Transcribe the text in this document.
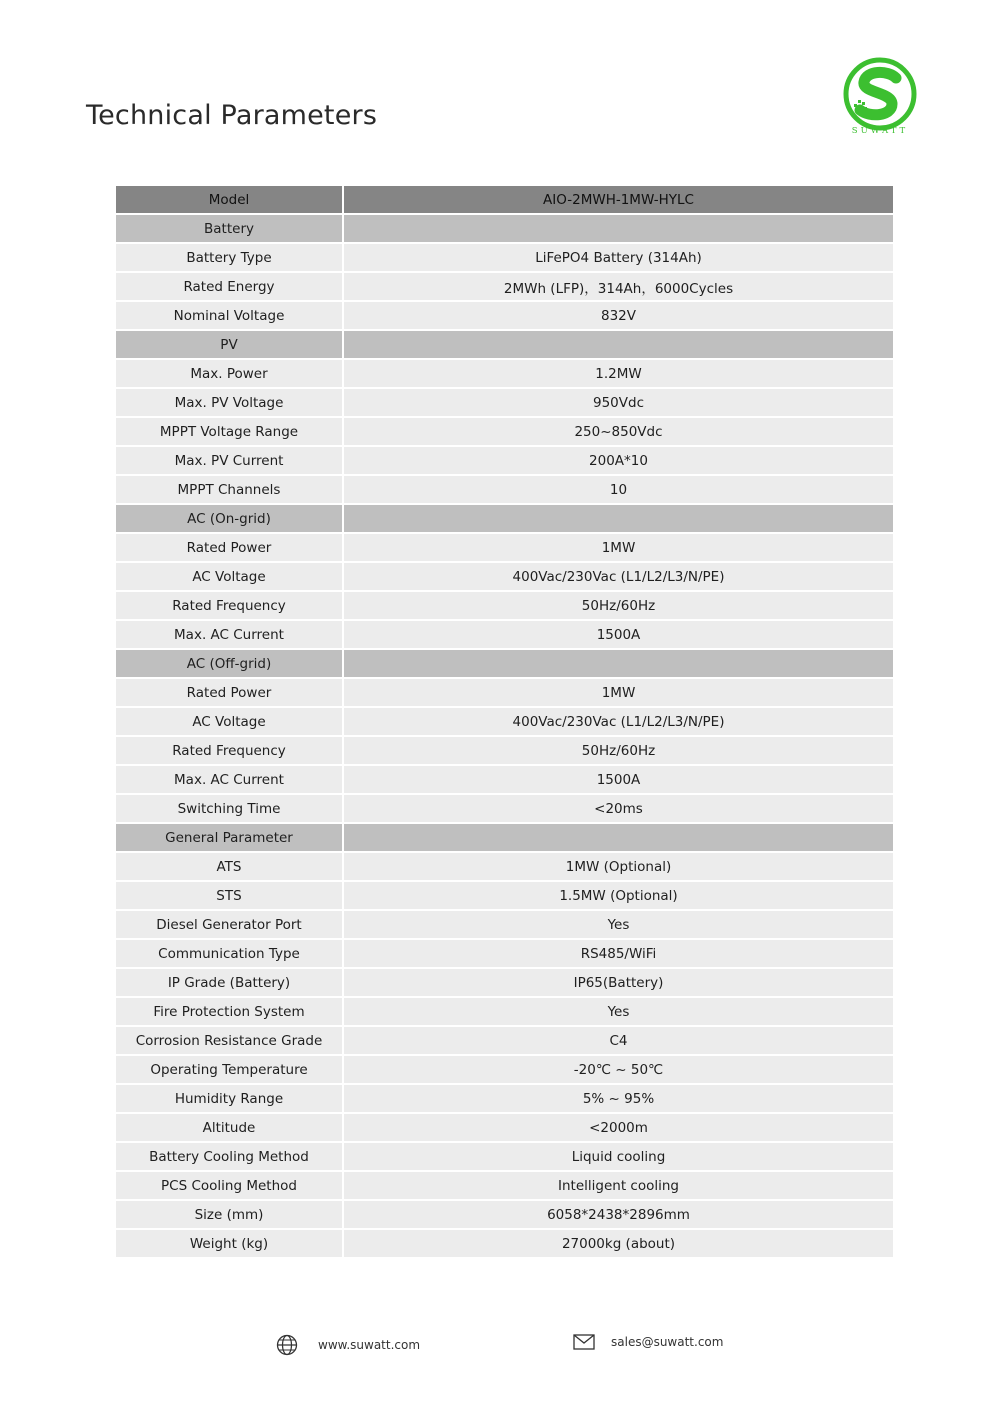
Technical Parameters	SUWATT
Model	AIO-2MWH-1MW-HYLC
Battery
Battery Type	LiFePO4 Battery (314Ah)
Rated Energy	2MWh (LFP)，314Ah，6000Cycles
Nominal Voltage	832V
PV
Max. Power	1.2MW
Max. PV Voltage	950Vdc
MPPT Voltage Range	250~850Vdc
Max. PV Current	200A*10
MPPT Channels	10
AC (On-grid)
Rated Power	1MW
AC Voltage	400Vac/230Vac (L1/L2/L3/N/PE)
Rated Frequency	50Hz/60Hz
Max. AC Current	1500A
AC (Off-grid)
Rated Power	1MW
AC Voltage	400Vac/230Vac (L1/L2/L3/N/PE)
Rated Frequency	50Hz/60Hz
Max. AC Current	1500A
Switching Time	<20ms
General Parameter
ATS	1MW (Optional)
STS	1.5MW (Optional)
Diesel Generator Port	Yes
Communication Type	RS485/WiFi
IP Grade (Battery)	IP65(Battery)
Fire Protection System	Yes
Corrosion Resistance Grade	C4
Operating Temperature	-20℃ ~ 50℃
Humidity Range	5% ~ 95%
Altitude	<2000m
Battery Cooling Method	Liquid cooling
PCS Cooling Method	Intelligent cooling
Size (mm)	6058*2438*2896mm
Weight (kg)	27000kg (about)
www.suwatt.com	sales@suwatt.com
